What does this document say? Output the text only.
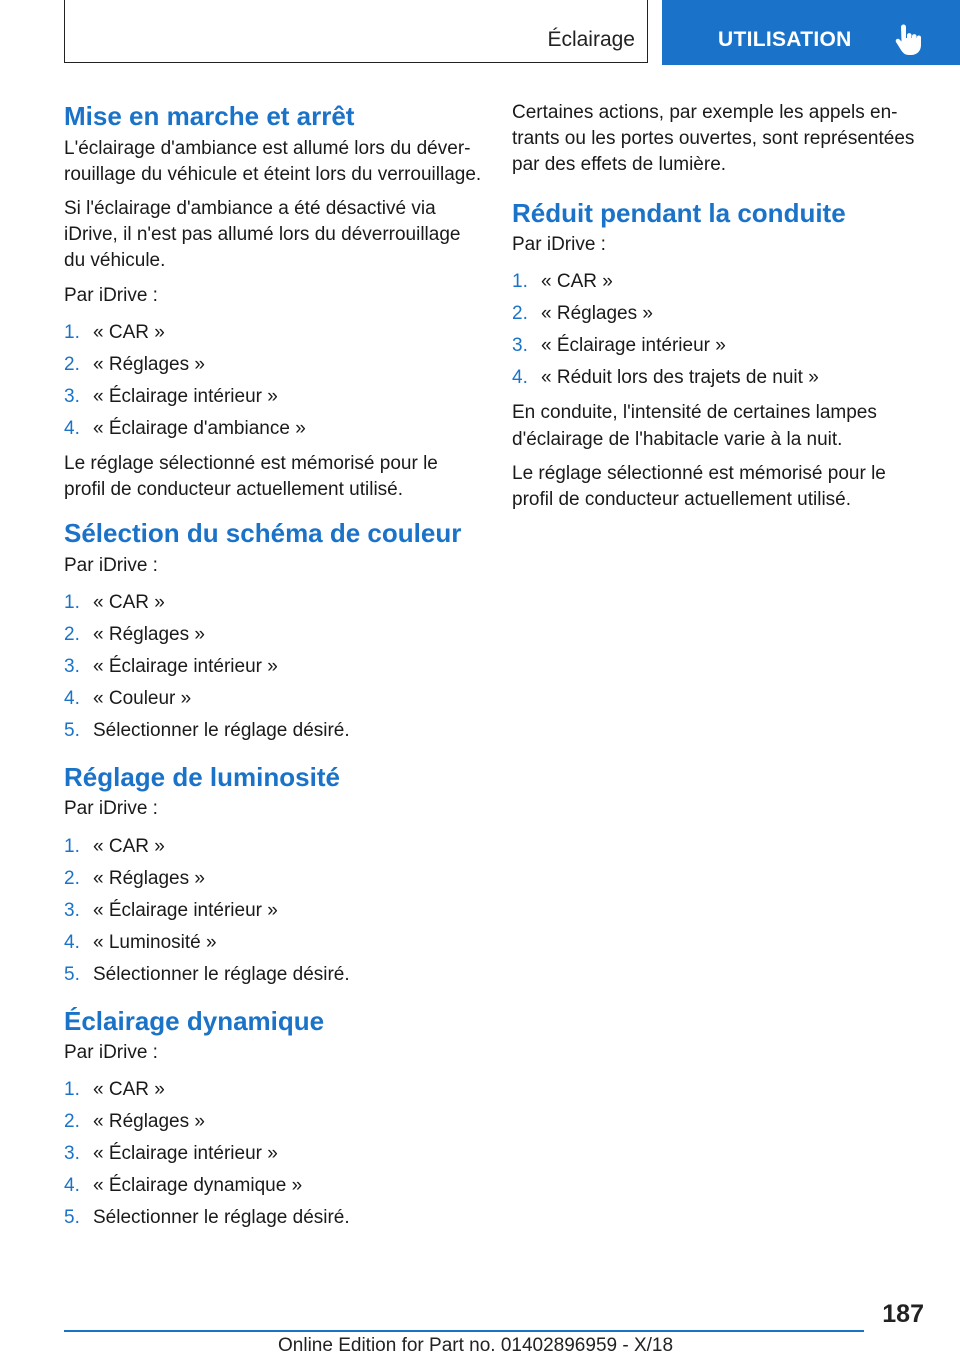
Éclairage	UTILISATION
Mise en marche et arrêt

L'éclairage d'ambiance est allumé lors du déverrouillage du véhicule et éteint lors du verrouillage.

Si l'éclairage d'ambiance a été désactivé via iDrive, il n'est pas allumé lors du déverrouillage du véhicule.

Par iDrive :

1. « CAR »
2. « Réglages »
3. « Éclairage intérieur »
4. « Éclairage d'ambiance »

Le réglage sélectionné est mémorisé pour le profil de conducteur actuellement utilisé.

Sélection du schéma de couleur

Par iDrive :

1. « CAR »
2. « Réglages »
3. « Éclairage intérieur »
4. « Couleur »
5. Sélectionner le réglage désiré.
Réglage de luminosité

Par iDrive :

1. « CAR »
2. « Réglages »
3. « Éclairage intérieur »
4. « Luminosité »
5. Sélectionner le réglage désiré.
Éclairage dynamique

Par iDrive :

1. « CAR »
2. « Réglages »
3. « Éclairage intérieur »
4. « Éclairage dynamique »
5. Sélectionner le réglage désiré.

Certaines actions, par exemple les appels entrants ou les portes ouvertes, sont représentées par des effets de lumière.

Réduit pendant la conduite

Par iDrive :

1. « CAR »
2. « Réglages »
3. « Éclairage intérieur »
4. « Réduit lors des trajets de nuit »

En conduite, l'intensité de certaines lampes d'éclairage de l'habitacle varie à la nuit.

Le réglage sélectionné est mémorisé pour le profil de conducteur actuellement utilisé.

187
Online Edition for Part no. 01402896959 - X/18
